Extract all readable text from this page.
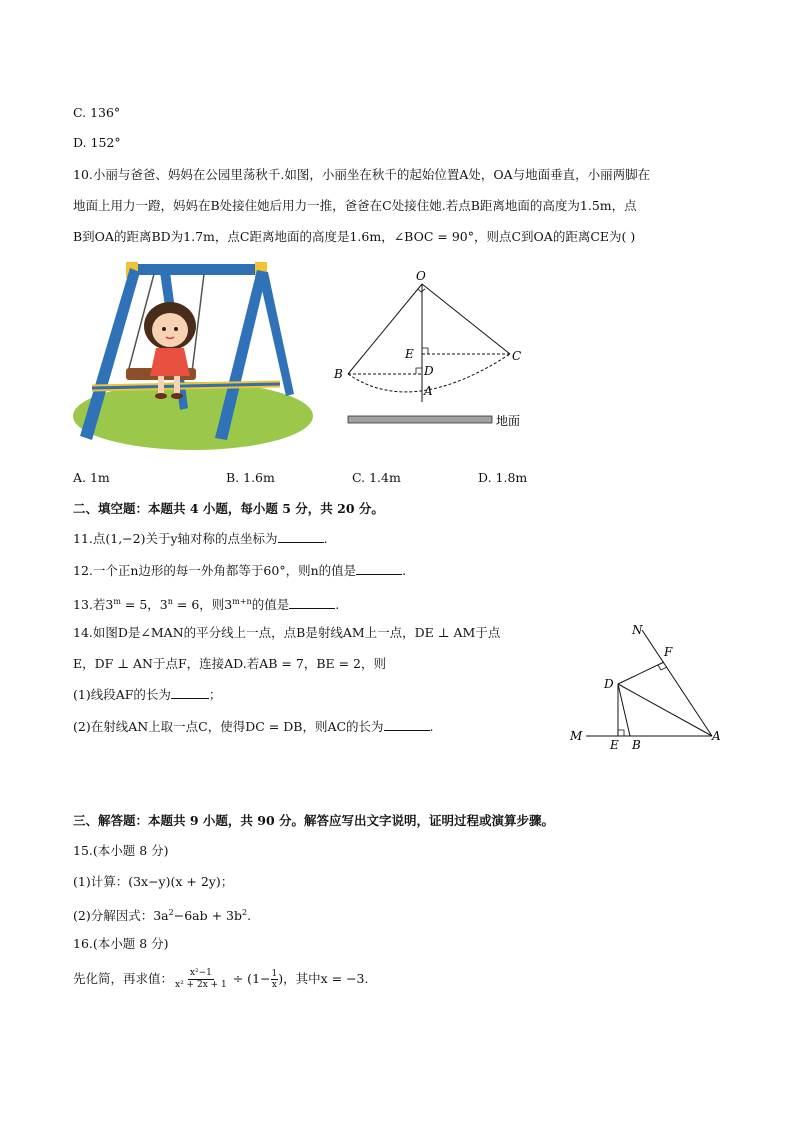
C. 136°
D. 152°
10.小丽与爸爸、妈妈在公园里荡秋千.如图，小丽坐在秋千的起始位置A处，OA与地面垂直，小丽两脚在
地面上用力一蹬，妈妈在B处接住她后用力一推，爸爸在C处接住她.若点B距离地面的高度为1.5m，点
B到OA的距离BD为1.7m，点C距离地面的高度是1.6m，∠BOC = 90°，则点C到OA的距离CE为( )
O
E	C
B	D
A
地面
A. 1m	B. 1.6m	C. 1.4m	D. 1.8m
二、填空题：本题共 4 小题，每小题 5 分，共 20 分。
11.点(1,−2)关于y轴对称的点坐标为	.
12.一个正n边形的每一外角都等于60°，则n的值是	.
13.若$3^m = 5$，$3^n = 6$，则$3^{m+n}$的值是	.
14.如图D是∠MAN的平分线上一点，点B是射线AM上一点，DE ⊥ AM于点
E，DF ⊥ AN于点F，连接AD.若AB = 7，BE = 2，则
(1)线段AF的长为	；
(2)在射线AN上取一点C，使得DC = DB，则AC的长为	.
N
F
D
M
E B
A
三、解答题：本题共 9 小题，共 90 分。解答应写出文字说明，证明过程或演算步骤。
15.(本小题 8 分)
(1)计算：(3x−y)(x + 2y)；
(2)分解因式：$3a^2-6ab + 3b^2$.
16.(本小题 8 分)
先化简，再求值： $\frac{\text{x²−1}}{\text{x² + 2x + 1}} \div (1- \frac{1}{x}$ )，其中x = −3.
